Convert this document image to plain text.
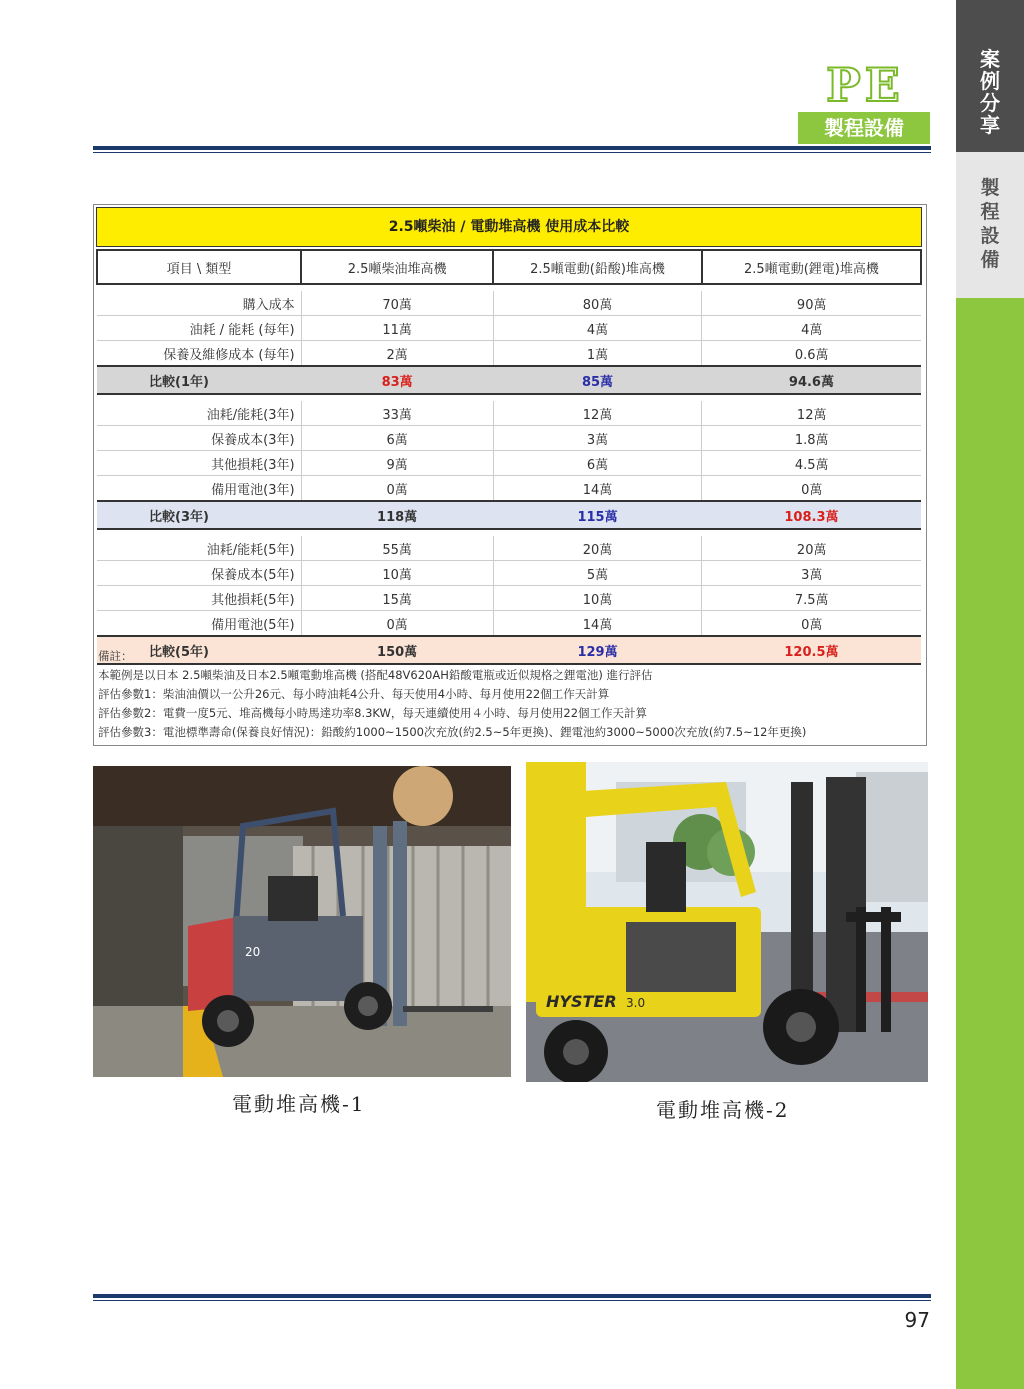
案
例
分
享
製
程
設
備
PE
製程設備
2.5噸柴油 / 電動堆高機 使用成本比較
項目 \ 類型	2.5噸柴油堆高機	2.5噸電動(鉛酸)堆高機	2.5噸電動(鋰電)堆高機

購入成本	70萬	80萬	90萬
油耗 / 能耗 (每年)	11萬	4萬	4萬
保養及維修成本 (每年)	2萬	1萬	0.6萬
比較(1年)	83萬	85萬	94.6萬

油耗/能耗(3年)	33萬	12萬	12萬
保養成本(3年)	6萬	3萬	1.8萬
其他損耗(3年)	9萬	6萬	4.5萬
備用電池(3年)	0萬	14萬	0萬
比較(3年)	118萬	115萬	108.3萬

油耗/能耗(5年)	55萬	20萬	20萬
保養成本(5年)	10萬	5萬	3萬
其他損耗(5年)	15萬	10萬	7.5萬
備用電池(5年)	0萬	14萬	0萬
比較(5年)	150萬	129萬	120.5萬
備註：
本範例是以日本 2.5噸柴油及日本2.5噸電動堆高機 (搭配48V620AH鉛酸電瓶或近似規格之鋰電池) 進行評估
評估參數1：柴油油價以一公升26元、每小時油耗4公升、每天使用4小時、每月使用22個工作天計算
評估參數2：電費一度5元、堆高機每小時馬達功率8.3KW，每天連續使用４小時、每月使用22個工作天計算
評估參數3：電池標準壽命(保養良好情況)：鉛酸約1000~1500次充放(約2.5~5年更換)、鋰電池約3000~5000次充放(約7.5~12年更換)
20
HYSTER 3.0
電動堆高機-1	電動堆高機-2
97
